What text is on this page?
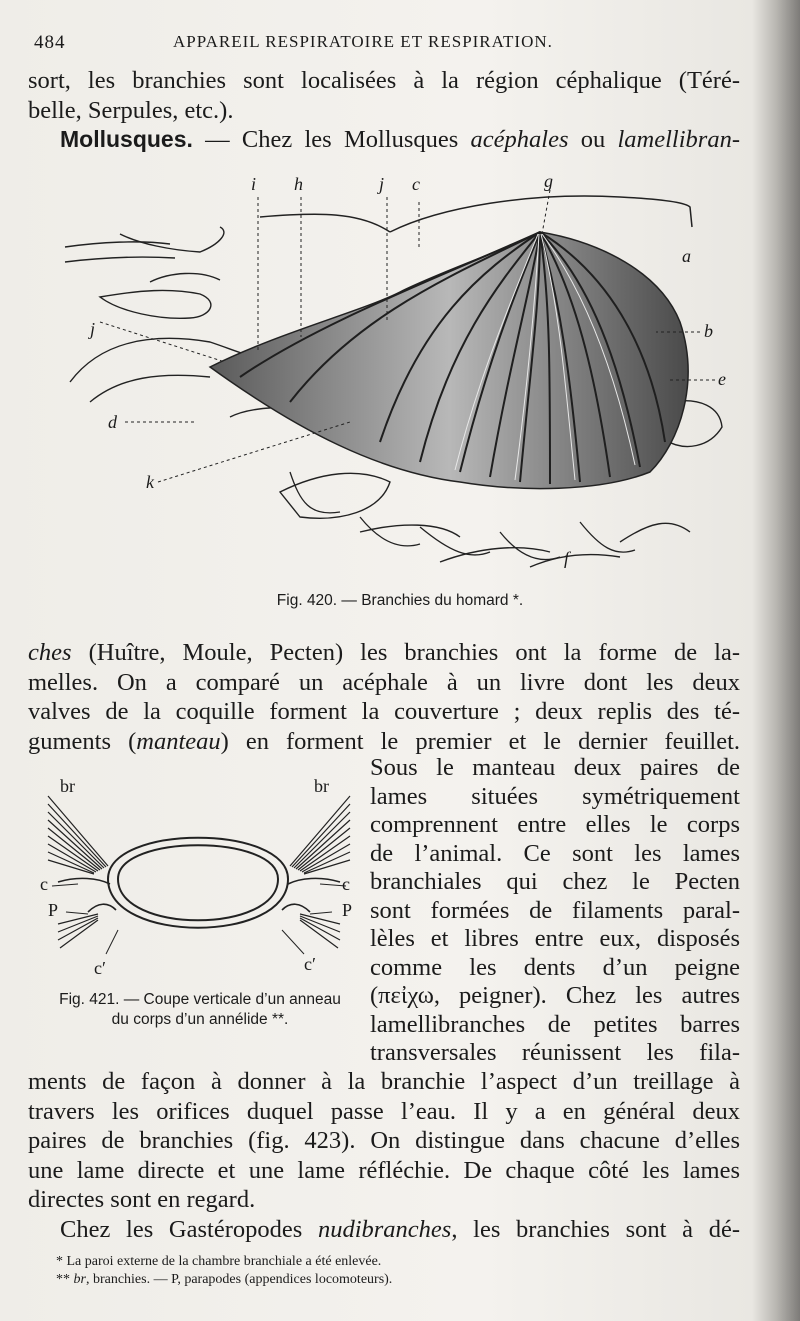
484	APPAREIL RESPIRATOIRE ET RESPIRATION.
sort, les branchies sont localisées à la région céphalique (Téré-
belle, Serpules, etc.).
Mollusques. — Chez les Mollusques acéphales ou lamellibran-
i h	j c	g
a
b
e
j
d
k
f
Fig. 420. — Branchies du homard *.
ches (Huître, Moule, Pecten) les branchies ont la forme de la-
melles. On a comparé un acéphale à un livre dont les deux
valves de la coquille forment la couverture ; deux replis des té-
guments (manteau) en forment le premier et le dernier feuillet.
Sous le manteau deux paires de
lames situées symétriquement
comprennent entre elles le corps
de l’animal. Ce sont les lames
branchiales qui chez le Pecten
sont formées de filaments paral-
lèles et libres entre eux, disposés
comme les dents d’un peigne
(πεἰχω, peigner). Chez les autres
lamellibranches de petites barres
transversales réunissent les fila-
br	br
c	c
P	P
c′	c′
Fig. 421. — Coupe verticale d’un anneau
du corps d’un annélide **.
ments de façon à donner à la branchie l’aspect d’un treillage à
travers les orifices duquel passe l’eau. Il y a en général deux
paires de branchies (fig. 423). On distingue dans chacune d’elles
une lame directe et une lame réfléchie. De chaque côté les lames
directes sont en regard.
Chez les Gastéropodes nudibranches, les branchies sont à dé-
* La paroi externe de la chambre branchiale a été enlevée.
** br, branchies. — P, parapodes (appendices locomoteurs).
